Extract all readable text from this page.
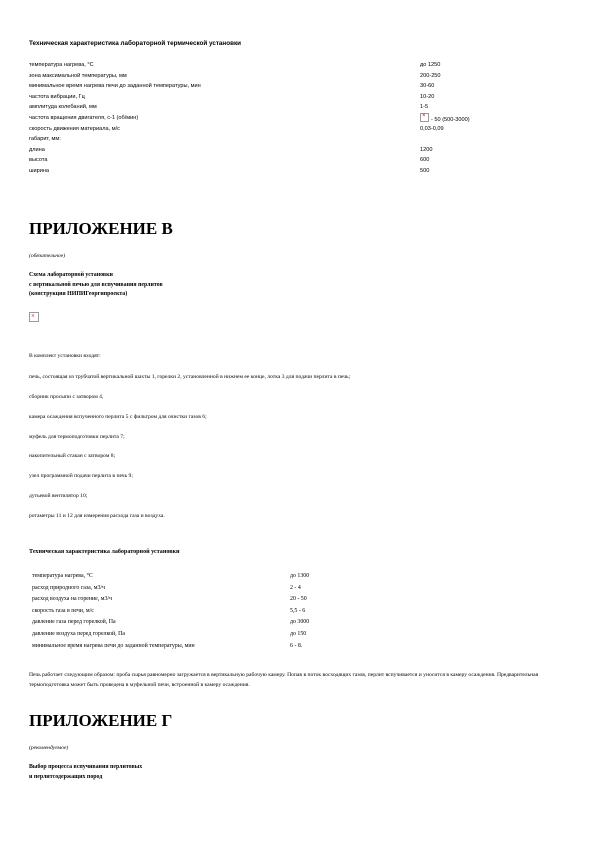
Техническая характеристика лабораторной термической установки
температура нагрева, °С	до 1250
зона максимальной температуры, мм	200-250
минимальное время нагрева печи до заданной температуры, мин	30-60
частота вибрации, Гц	10-20
амплитуда колебаний, мм	1-5
частота вращения двигателя, с-1 (об/мин) ×	- 50 (500-3000)
скорость движения материала, м/с	0,03-0,09
габарит, мм:
длина	1200
высота	600
ширина	500
ПРИЛОЖЕНИЕ В
(обязательное)
Схема лабораторной установки
с вертикальной печью для вспучивания перлитов
(конструкция НИПИГеоргипроекта)
×
В комплект установки входят:
печь, состоящая из трубчатой вертикальной шахты 1, горелки 2, установленной в нижнем ее конце, лотка 3 для подачи перлита в печь;
сборник просыпи с затвором 4,
камера осаждения вспученного перлита 5 с фильтром для очистки газов 6;
муфель для термоподготовки перлита 7;
накопительный стакан с затвором 8;
узел программной подачи перлита в печь 9;
дутьевой вентилятор 10;
ротаметры 11 и 12 для измерения расхода газа и воздуха.
Техническая характеристика лабораторной установки
температура нагрева, °С	до 1300
расход природного газа, м3/ч	2 - 4
расход воздуха на горение, м3/ч	20 - 50
скорость газа в печи, м/с	5,5 - 6
давление газа перед горелкой, Па	до 3000
давление воздуха перед горелкой, Па	до 150
минимальное время нагрева печи до заданной температуры, мин	6 - 8.
Печь работает следующим образом: проба сырья равномерно загружается в вертикальную рабочую камеру. Попав в поток восходящих газов, перлит вспучивается и уносится в камеру осаждения. Предварительная термоподготовка может быть проведена в муфельной печи, встроенной в камеру осаждения.
ПРИЛОЖЕНИЕ Г
(рекомендуемое)
Выбор процесса вспучивания перлитовых
и перлитсодержащих пород
